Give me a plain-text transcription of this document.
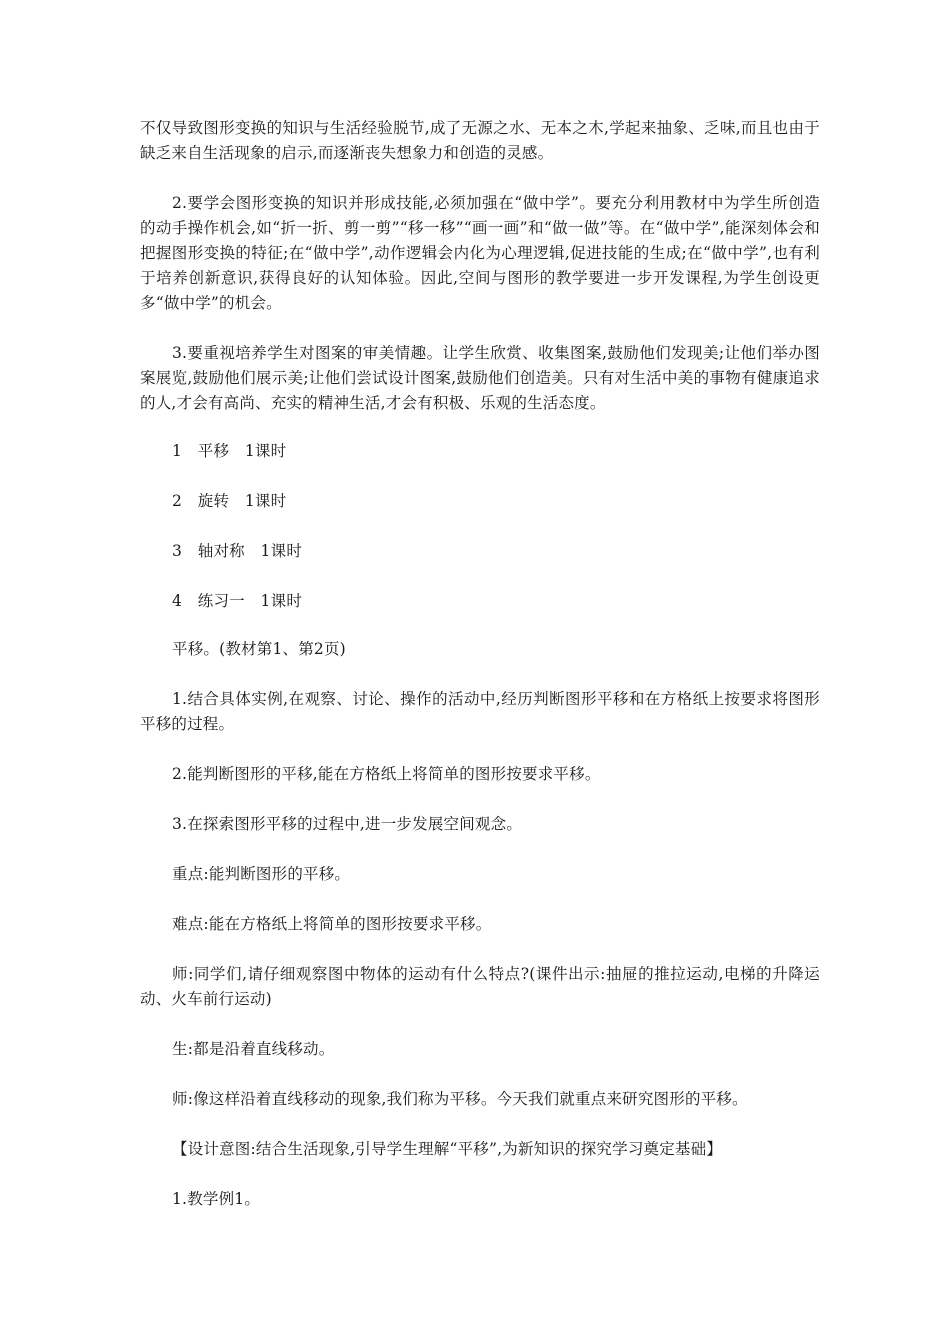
不仅导致图形变换的知识与生活经验脱节,成了无源之水、无本之木,学起来抽象、乏味,而且也由于缺乏来自生活现象的启示,而逐渐丧失想象力和创造的灵感。

2.要学会图形变换的知识并形成技能,必须加强在“做中学”。要充分利用教材中为学生所创造的动手操作机会,如“折一折、剪一剪”“移一移”“画一画”和“做一做”等。在“做中学”,能深刻体会和把握图形变换的特征;在“做中学”,动作逻辑会内化为心理逻辑,促进技能的生成;在“做中学”,也有利于培养创新意识,获得良好的认知体验。因此,空间与图形的教学要进一步开发课程,为学生创设更多“做中学”的机会。

3.要重视培养学生对图案的审美情趣。让学生欣赏、收集图案,鼓励他们发现美;让他们举办图案展览,鼓励他们展示美;让他们尝试设计图案,鼓励他们创造美。只有对生活中美的事物有健康追求的人,才会有高尚、充实的精神生活,才会有积极、乐观的生活态度。

1　平移　1课时
2　旋转　1课时
3　轴对称　1课时
4　练习一　1课时
平移。(教材第1、第2页)

1.结合具体实例,在观察、讨论、操作的活动中,经历判断图形平移和在方格纸上按要求将图形平移的过程。

2.能判断图形的平移,能在方格纸上将简单的图形按要求平移。
3.在探索图形平移的过程中,进一步发展空间观念。
重点:能判断图形的平移。
难点:能在方格纸上将简单的图形按要求平移。

师:同学们,请仔细观察图中物体的运动有什么特点?(课件出示:抽屉的推拉运动,电梯的升降运动、火车前行运动)

生:都是沿着直线移动。
师:像这样沿着直线移动的现象,我们称为平移。今天我们就重点来研究图形的平移。
【设计意图:结合生活现象,引导学生理解“平移”,为新知识的探究学习奠定基础】
1.教学例1。
